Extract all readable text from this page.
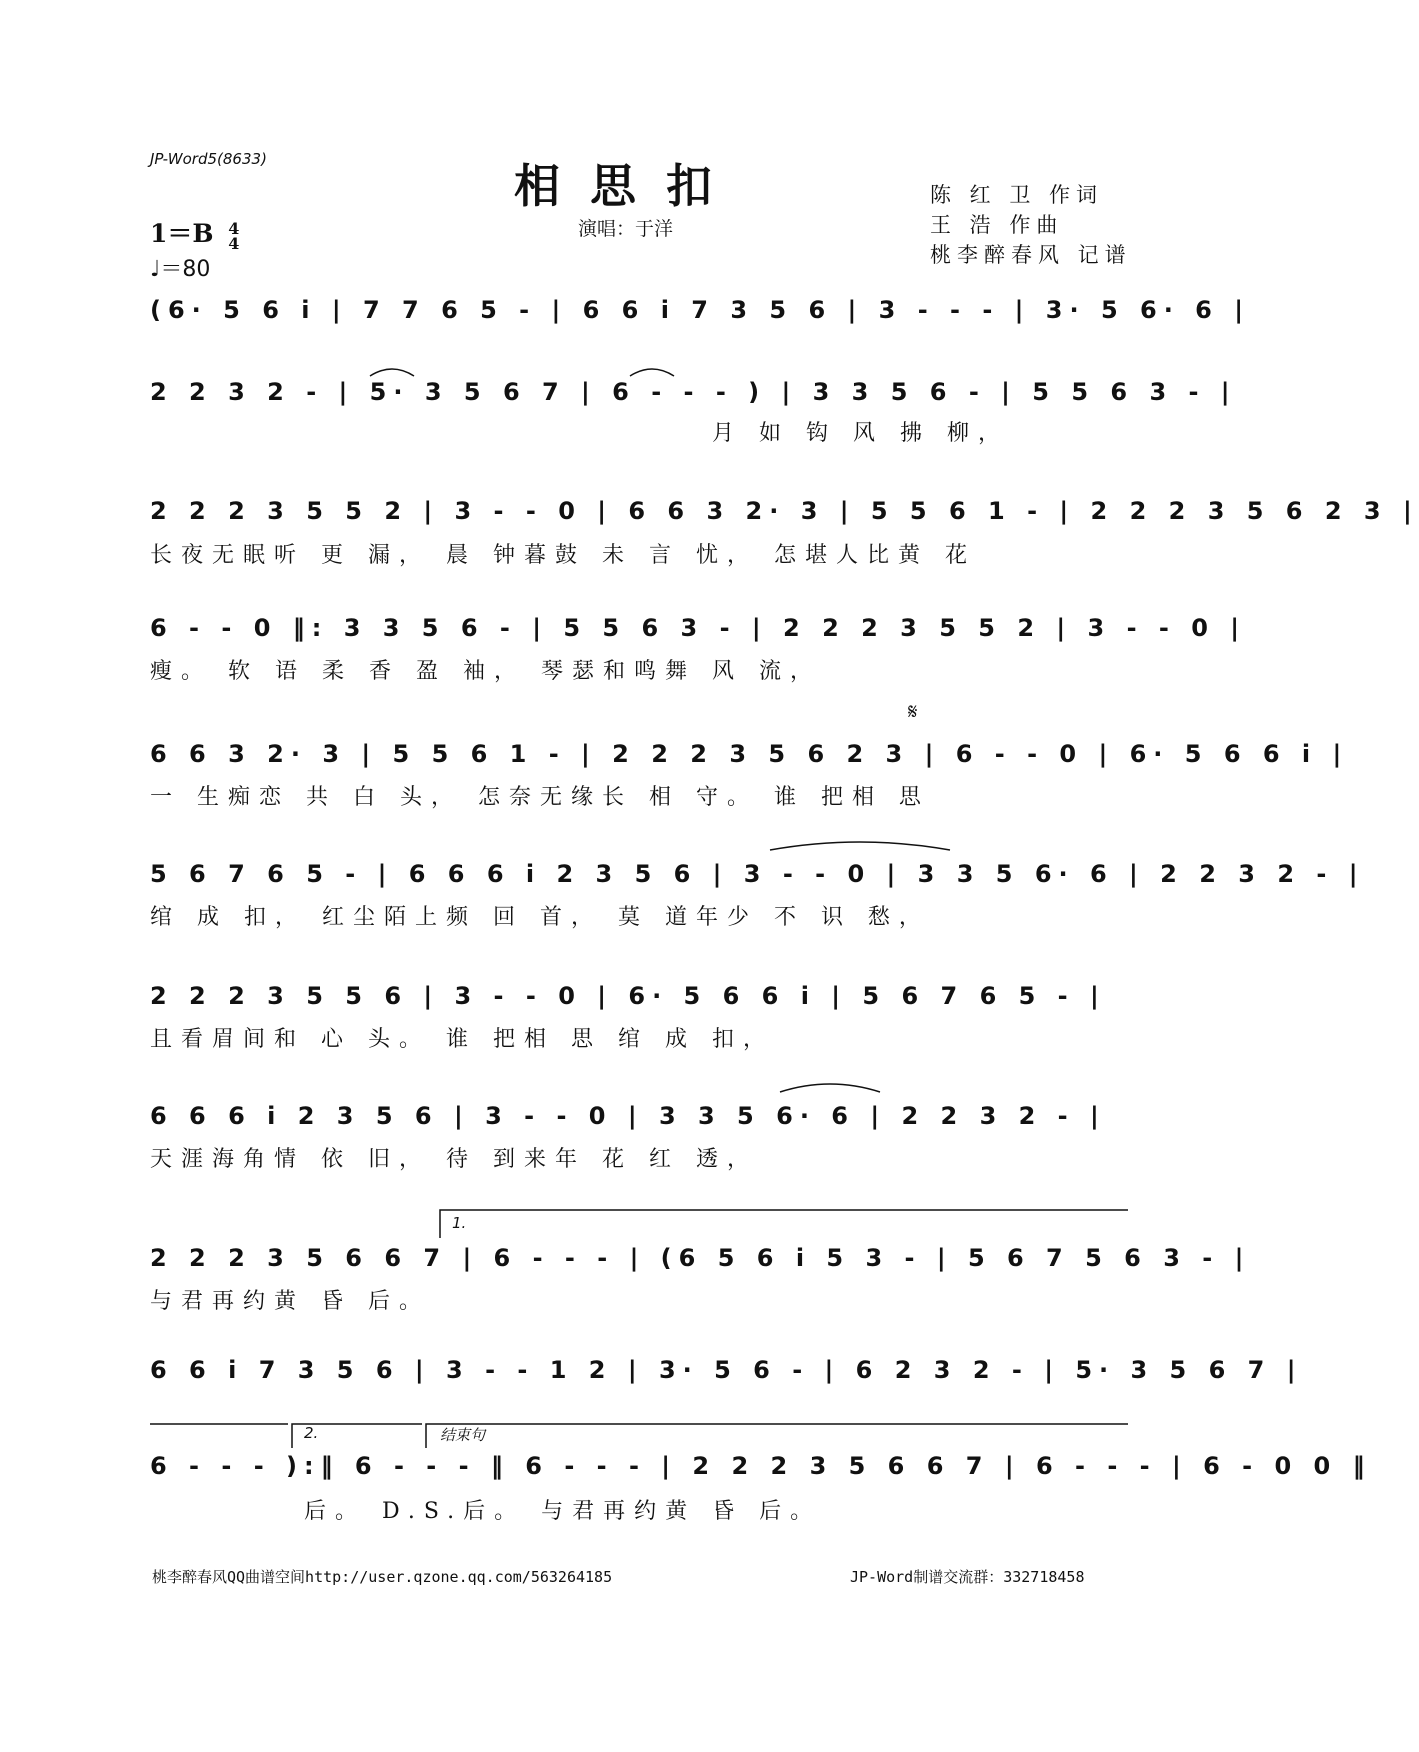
JP-Word5(8633)	相思扣
演唱：于洋
陈 红 卫 作词
王 浩 作曲
桃李醉春风 记谱
1＝B 4
4
♩＝80
(6· 5 6 i | 7 7 6 5 - | 6 6 i 7 3 5 6 | 3 - - - | 3· 5 6· 6 |
2 2 3 2 - | 5· 3 5 6 7 | 6 - - - ) | 3 3 5 6 - | 5 5 6 3 - |
月 如 钩 风 拂 柳，
2 2 2 3 5 5 2 | 3 - - 0 | 6 6 3 2· 3 | 5 5 6 1 - | 2 2 2 3 5 6 2 3 |
长夜无眠听 更 漏， 晨 钟暮鼓 未 言 忧， 怎堪人比黄 花
6 - - 0 ‖: 3 3 5 6 - | 5 5 6 3 - | 2 2 2 3 5 5 2 | 3 - - 0 |
瘦。 软 语 柔 香 盈 袖， 琴瑟和鸣舞 风 流，
𝄋
6 6 3 2· 3 | 5 5 6 1 - | 2 2 2 3 5 6 2 3 | 6 - - 0 | 6· 5 6 6 i |
一 生痴恋 共 白 头， 怎奈无缘长 相 守。 谁 把相 思
5 6 7 6 5 - | 6 6 6 i 2 3 5 6 | 3 - - 0 | 3 3 5 6· 6 | 2 2 3 2 - |
绾 成 扣， 红尘陌上频 回 首， 莫 道年少 不 识 愁，
2 2 2 3 5 5 6 | 3 - - 0 | 6· 5 6 6 i | 5 6 7 6 5 - |
且看眉间和 心 头。 谁 把相 思 绾 成 扣，
6 6 6 i 2 3 5 6 | 3 - - 0 | 3 3 5 6· 6 | 2 2 3 2 - |
天涯海角情 依 旧， 待 到来年 花 红 透，
1.
2 2 2 3 5 6 6 7 | 6 - - - | (6 5 6 i 5 3 - | 5 6 7 5 6 3 - |
与君再约黄 昏 后。
6 6 i 7 3 5 6 | 3 - - 1 2 | 3· 5 6 - | 6 2 3 2 - | 5· 3 5 6 7 |
2.	结束句
6 - - - ):‖ 6 - - - ‖ 6 - - - | 2 2 2 3 5 6 6 7 | 6 - - - | 6 - 0 0 ‖
后。 D.S.后。 与君再约黄 昏 后。
桃李醉春风QQ曲谱空间http://user.qzone.qq.com/563264185	JP-Word制谱交流群：332718458
